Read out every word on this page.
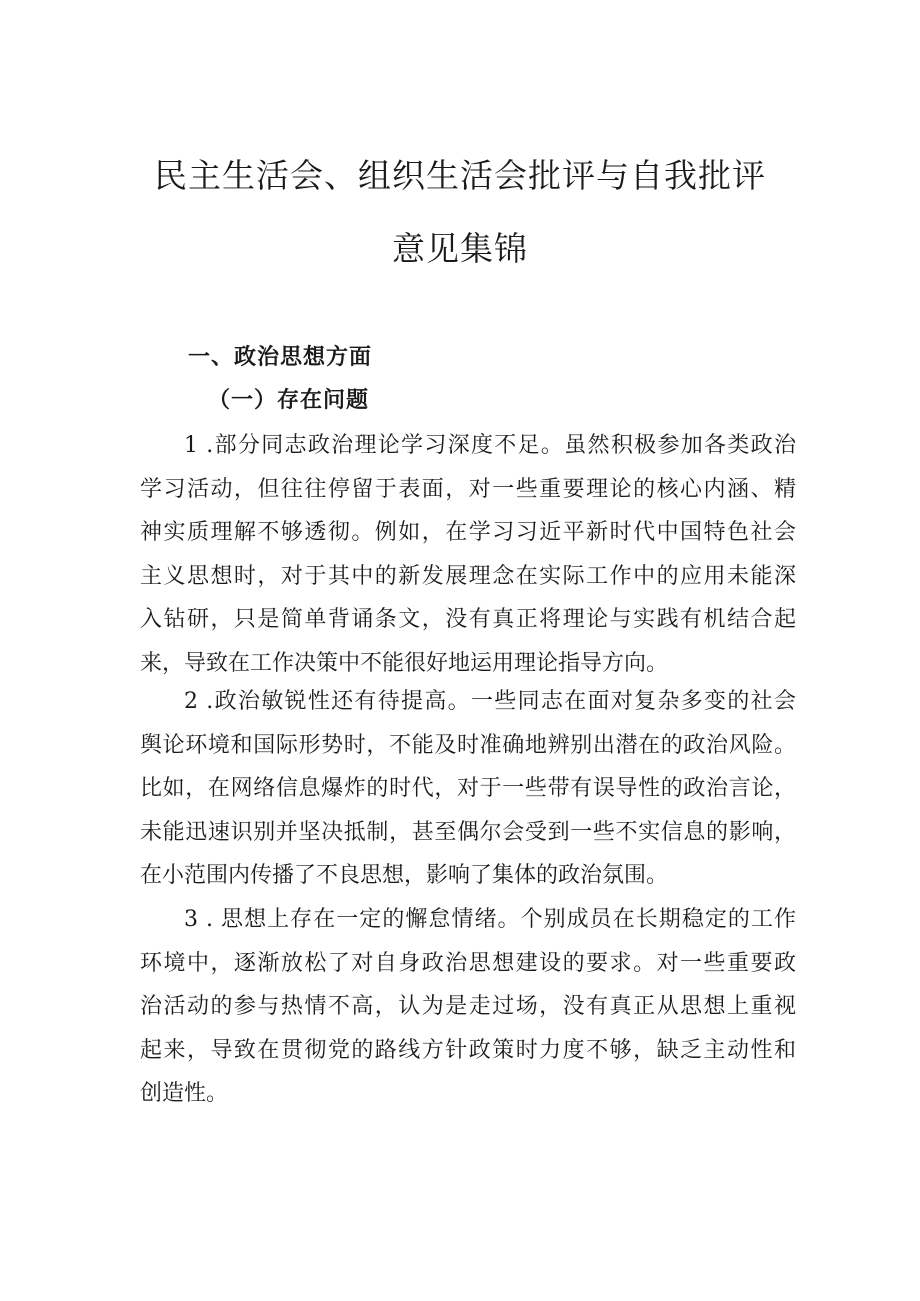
民主生活会、组织生活会批评与自我批评
意见集锦
一、政治思想方面
（一）存在问题
1 .部分同志政治理论学习深度不足。虽然积极参加各类政治
学习活动，但往往停留于表面，对一些重要理论的核心内涵、精
神实质理解不够透彻。例如，在学习习近平新时代中国特色社会
主义思想时，对于其中的新发展理念在实际工作中的应用未能深
入钻研，只是简单背诵条文，没有真正将理论与实践有机结合起
来，导致在工作决策中不能很好地运用理论指导方向。
2 .政治敏锐性还有待提高。一些同志在面对复杂多变的社会
舆论环境和国际形势时，不能及时准确地辨别出潜在的政治风险。
比如，在网络信息爆炸的时代，对于一些带有误导性的政治言论，
未能迅速识别并坚决抵制，甚至偶尔会受到一些不实信息的影响，
在小范围内传播了不良思想，影响了集体的政治氛围。
3 . 思想上存在一定的懈怠情绪。个别成员在长期稳定的工作
环境中，逐渐放松了对自身政治思想建设的要求。对一些重要政
治活动的参与热情不高，认为是走过场，没有真正从思想上重视
起来，导致在贯彻党的路线方针政策时力度不够，缺乏主动性和
创造性。
